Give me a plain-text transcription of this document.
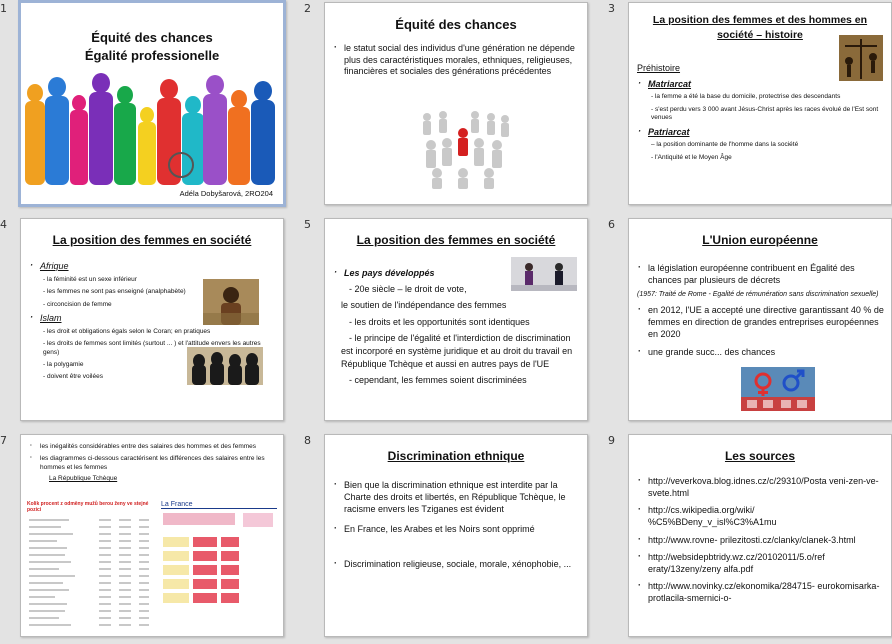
1
Équité des chances
Égalité professionelle
Adéla Dobyšarová, 2RO204
2
Équité des chances
· le statut social des individus d'une génération ne dépende plus des caractéristiques morales, ethniques, religieuses, financières et sociales des générations précédentes
3
La position des femmes et des hommes en société – histoire
Préhistoire
· Matriarcat
- la femme a été la base du domicile, protectrise des descendants
- s'est perdu vers 3 000 avant Jésus-Christ après les races évolué de l'Est sont venues
· Patriarcat
– la position dominante de l'homme dans la société
- l'Antiquité et le Moyen Âge
4
La position des femmes en société
· Afrique
- la féminité est un sexe inférieur
- les femmes ne sont pas enseigné (analphabète)
- circoncision de femme
· Islam
- les droit et obligations égals selon le Coran; en pratiques
- les droits de femmes sont limités (surtout ... ) et l'attitude envers les autres gens)
- la polygamie
- doivent être voilées
5
La position des femmes en société
· Les pays développés
- 20e siècle – le droit de vote,
le soutien de l'indépendance des femmes
- les droits et les opportunités sont identiques
- le principe de l'égalité et l'interdiction de discrimination est incorporé en système juridique et au droit du travail en République Tchèque et aussi en autres pays de l'UE
- cependant, les femmes soient discriminées
6
L'Union européenne
· la législation européenne contribuent en Égalité des chances par plusieurs de décrets
(1957: Traité de Rome - Egalité de rémunération sans discrimination sexuelle)
· en 2012, l'UE a accepté une directive garantissant 40 % de femmes en direction de grandes entreprises européennes en 2020
· une grande succ... des chances
7
·	les inégalités considérables entre des salaires des hommes et des femmes
· les diagrammes ci-dessous caractérisent les différences des salaires entre les hommes et les femmes
La République Tchèque
Kolik procent z odměny mužů berou ženy ve stejné pozici
La France
8
Discrimination ethnique
· Bien que la discrimination ethnique est interdite par la Charte des droits et libertés, en République Tchèque, le racisme envers les Tziganes est évident
· En France, les Arabes et les Noirs sont opprimé
· Discrimination religieuse, sociale, morale, xénophobie, ...
9
Les sources
· http://veverkova.blog.idnes.cz/c/29310/Posta veni-zen-ve-svete.html
· http://cs.wikipedia.org/wiki/ %C5%BDeny_v_isl%C3%A1mu
· http://www.rovne- prilezitosti.cz/clanky/clanek-3.html
· http://websidepbtridy.wz.cz/20102011/5.o/ref eraty/13zeny/zeny alfa.pdf
· http://www.novinky.cz/ekonomika/284715- eurokomisarka-protlacila-smernici-o-
